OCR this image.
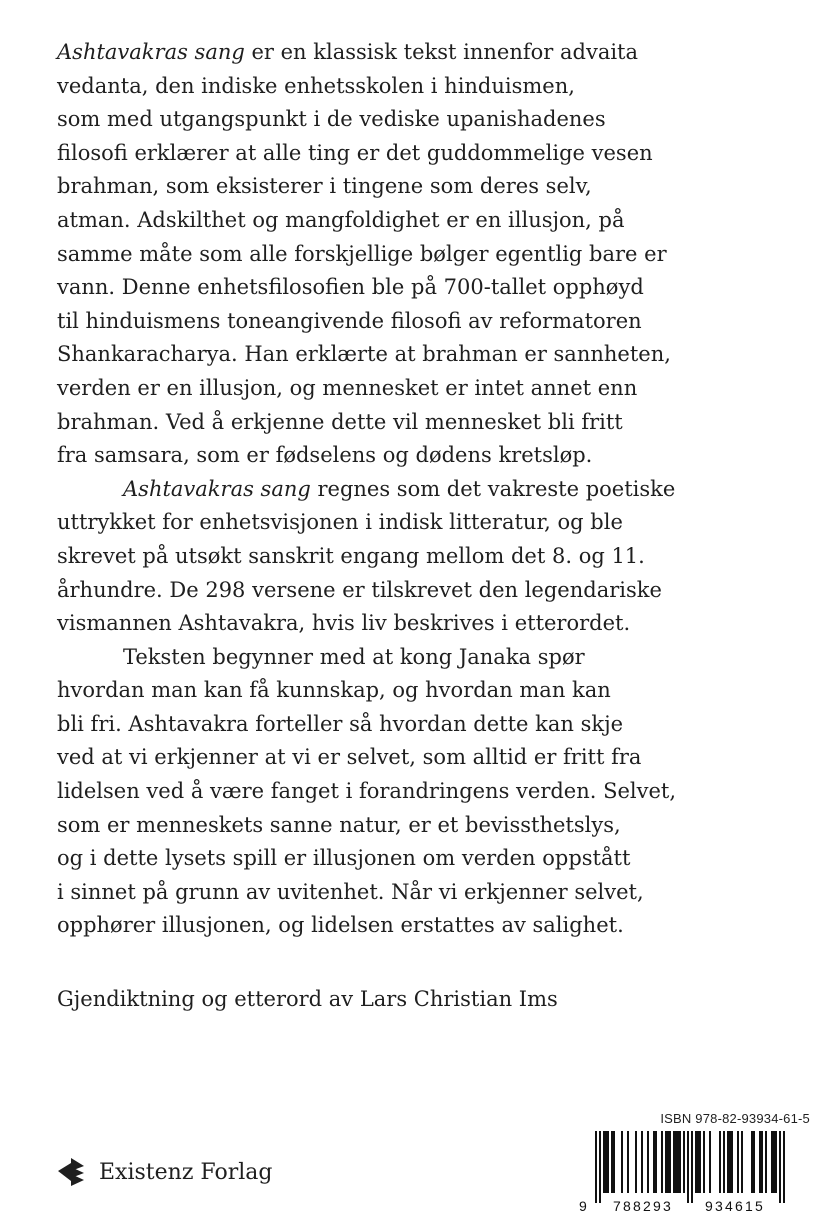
Ashtavakras sang er en klassisk tekst innenfor advaita
vedanta, den indiske enhetsskolen i hinduismen,
som med utgangspunkt i de vediske upanishadenes
filosofi erklærer at alle ting er det guddommelige vesen
brahman, som eksisterer i tingene som deres selv,
atman. Adskilthet og mangfoldighet er en illusjon, på
samme måte som alle forskjellige bølger egentlig bare er
vann. Denne enhetsfilosofien ble på 700-tallet opphøyd
til hinduismens toneangivende filosofi av reformatoren
Shankaracharya. Han erklærte at brahman er sannheten,
verden er en illusjon, og mennesket er intet annet enn
brahman. Ved å erkjenne dette vil mennesket bli fritt
fra samsara, som er fødselens og dødens kretsløp.
Ashtavakras sang regnes som det vakreste poetiske
uttrykket for enhetsvisjonen i indisk litteratur, og ble
skrevet på utsøkt sanskrit engang mellom det 8. og 11.
århundre. De 298 versene er tilskrevet den legendariske
vismannen Ashtavakra, hvis liv beskrives i etterordet.
Teksten begynner med at kong Janaka spør
hvordan man kan få kunnskap, og hvordan man kan
bli fri. Ashtavakra forteller så hvordan dette kan skje
ved at vi erkjenner at vi er selvet, som alltid er fritt fra
lidelsen ved å være fanget i forandringens verden. Selvet,
som er menneskets sanne natur, er et bevissthetslys,
og i dette lysets spill er illusjonen om verden oppstått
i sinnet på grunn av uvitenhet. Når vi erkjenner selvet,
opphører illusjonen, og lidelsen erstattes av salighet.
Gjendiktning og etterord av Lars Christian Ims
Existenz Forlag
ISBN 978-82-93934-61-5
9 788293 934615
